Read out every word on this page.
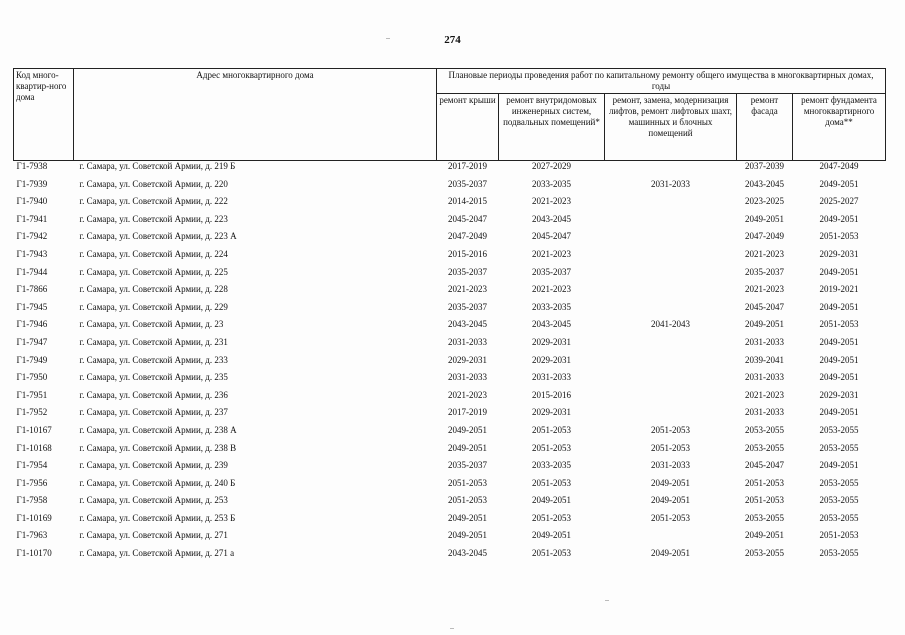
274
Код много-квартир-ного дома	Адрес многоквартирного дома	Плановые периоды проведения работ по капитальному ремонту общего имущества в многоквартирных домах, годы				
		ремонт крыши	ремонт внутридомовых инженерных систем, подвальных помещений*	ремонт, замена, модернизация лифтов, ремонт лифтовых шахт, машинных и блочных помещений	ремонт фасада	ремонт фундамента многоквартирного дома**
Г1-7938	г. Самара, ул. Советской Армии, д. 219 Б	2017-2019	2027-2029		2037-2039	2047-2049
Г1-7939	г. Самара, ул. Советской Армии, д. 220	2035-2037	2033-2035	2031-2033	2043-2045	2049-2051
Г1-7940	г. Самара, ул. Советской Армии, д. 222	2014-2015	2021-2023		2023-2025	2025-2027
Г1-7941	г. Самара, ул. Советской Армии, д. 223	2045-2047	2043-2045		2049-2051	2049-2051
Г1-7942	г. Самара, ул. Советской Армии, д. 223 А	2047-2049	2045-2047		2047-2049	2051-2053
Г1-7943	г. Самара, ул. Советской Армии, д. 224	2015-2016	2021-2023		2021-2023	2029-2031
Г1-7944	г. Самара, ул. Советской Армии, д. 225	2035-2037	2035-2037		2035-2037	2049-2051
Г1-7866	г. Самара, ул. Советской Армии, д. 228	2021-2023	2021-2023		2021-2023	2019-2021
Г1-7945	г. Самара, ул. Советской Армии, д. 229	2035-2037	2033-2035		2045-2047	2049-2051
Г1-7946	г. Самара, ул. Советской Армии, д. 23	2043-2045	2043-2045	2041-2043	2049-2051	2051-2053
Г1-7947	г. Самара, ул. Советской Армии, д. 231	2031-2033	2029-2031		2031-2033	2049-2051
Г1-7949	г. Самара, ул. Советской Армии, д. 233	2029-2031	2029-2031		2039-2041	2049-2051
Г1-7950	г. Самара, ул. Советской Армии, д. 235	2031-2033	2031-2033		2031-2033	2049-2051
Г1-7951	г. Самара, ул. Советской Армии, д. 236	2021-2023	2015-2016		2021-2023	2029-2031
Г1-7952	г. Самара, ул. Советской Армии, д. 237	2017-2019	2029-2031		2031-2033	2049-2051
Г1-10167	г. Самара, ул. Советской Армии, д. 238 А	2049-2051	2051-2053	2051-2053	2053-2055	2053-2055
Г1-10168	г. Самара, ул. Советской Армии, д. 238 В	2049-2051	2051-2053	2051-2053	2053-2055	2053-2055
Г1-7954	г. Самара, ул. Советской Армии, д. 239	2035-2037	2033-2035	2031-2033	2045-2047	2049-2051
Г1-7956	г. Самара, ул. Советской Армии, д. 240 Б	2051-2053	2051-2053	2049-2051	2051-2053	2053-2055
Г1-7958	г. Самара, ул. Советской Армии, д. 253	2051-2053	2049-2051	2049-2051	2051-2053	2053-2055
Г1-10169	г. Самара, ул. Советской Армии, д. 253 Б	2049-2051	2051-2053	2051-2053	2053-2055	2053-2055
Г1-7963	г. Самара, ул. Советской Армии, д. 271	2049-2051	2049-2051		2049-2051	2051-2053
Г1-10170	г. Самара, ул. Советской Армии, д. 271 а	2043-2045	2051-2053	2049-2051	2053-2055	2053-2055
